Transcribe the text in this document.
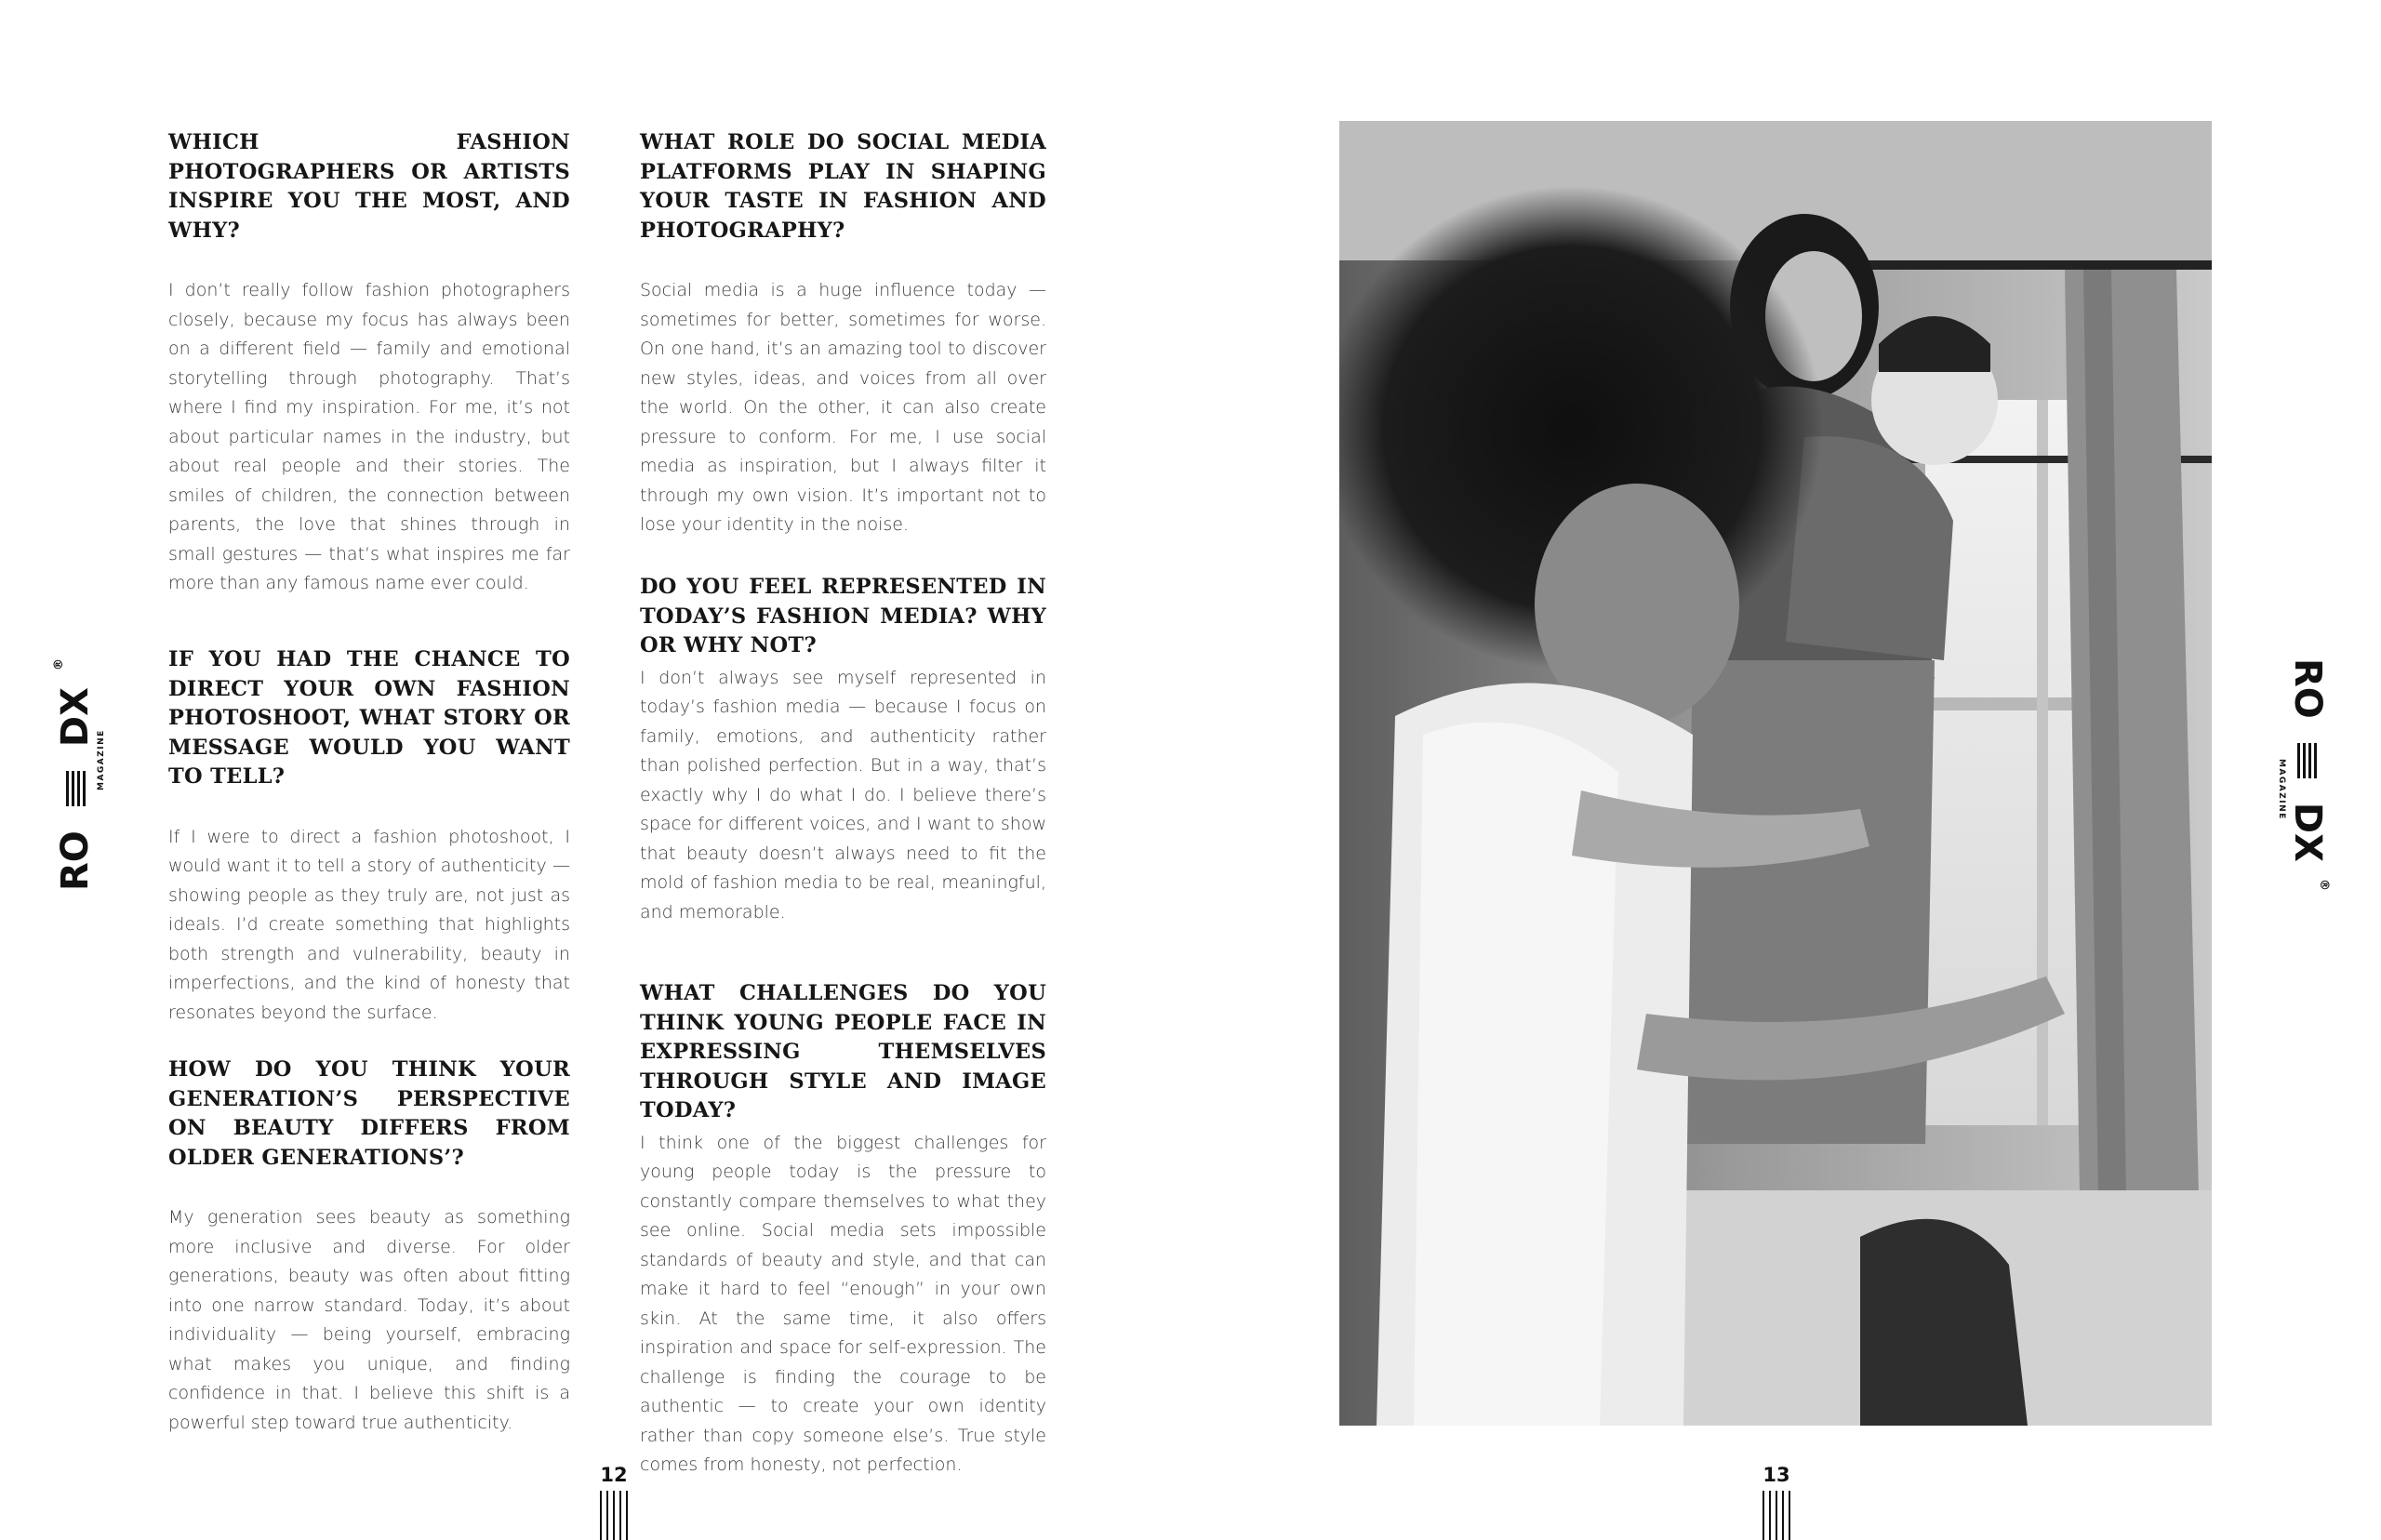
RO
DX
®
MAGAZINE
WHICH FASHION PHOTOGRAPHERS OR ARTISTS INSPIRE YOU THE MOST, AND WHY?

I don’t really follow fashion photographers closely, because my focus has always been on a different field — family and emotional storytelling through photography. That’s where I find my inspiration. For me, it’s not about particular names in the industry, but about real people and their stories. The smiles of children, the connection between parents, the love that shines through in small gestures — that’s what inspires me far more than any famous name ever could.

IF YOU HAD THE CHANCE TO DIRECT YOUR OWN FASHION PHOTOSHOOT, WHAT STORY OR MESSAGE WOULD YOU WANT TO TELL?

If I were to direct a fashion photoshoot, I would want it to tell a story of authenticity — showing people as they truly are, not just as ideals. I’d create something that highlights both strength and vulnerability, beauty in imperfections, and the kind of honesty that resonates beyond the surface.

HOW DO YOU THINK YOUR GENERATION’S PERSPECTIVE ON BEAUTY DIFFERS FROM OLDER GENERATIONS’?

My generation sees beauty as something more inclusive and diverse. For older generations, beauty was often about fitting into one narrow standard. Today, it’s about individuality — being yourself, embracing what makes you unique, and finding confidence in that. I believe this shift is a powerful step toward true authenticity.

WHAT ROLE DO SOCIAL MEDIA PLATFORMS PLAY IN SHAPING YOUR TASTE IN FASHION AND PHOTOGRAPHY?

Social media is a huge influence today — sometimes for better, sometimes for worse. On one hand, it’s an amazing tool to discover new styles, ideas, and voices from all over the world. On the other, it can also create pressure to conform. For me, I use social media as inspiration, but I always filter it through my own vision. It’s important not to lose your identity in the noise.

DO YOU FEEL REPRESENTED IN TODAY’S FASHION MEDIA? WHY OR WHY NOT?

I don’t always see myself represented in today’s fashion media — because I focus on family, emotions, and authenticity rather than polished perfection. But in a way, that’s exactly why I do what I do. I believe there’s space for different voices, and I want to show that beauty doesn’t always need to fit the mold of fashion media to be real, meaningful, and memorable.

WHAT CHALLENGES DO YOU THINK YOUNG PEOPLE FACE IN EXPRESSING THEMSELVES THROUGH STYLE AND IMAGE TODAY?

I think one of the biggest challenges for young people today is the pressure to constantly compare themselves to what they see online. Social media sets impossible standards of beauty and style, and that can make it hard to feel “enough” in your own skin. At the same time, it also offers inspiration and space for self-expression. The challenge is finding the courage to be authentic — to create your own identity rather than copy someone else’s. True style comes from honesty, not perfection.

12
RO
DX
®
MAGAZINE
13
